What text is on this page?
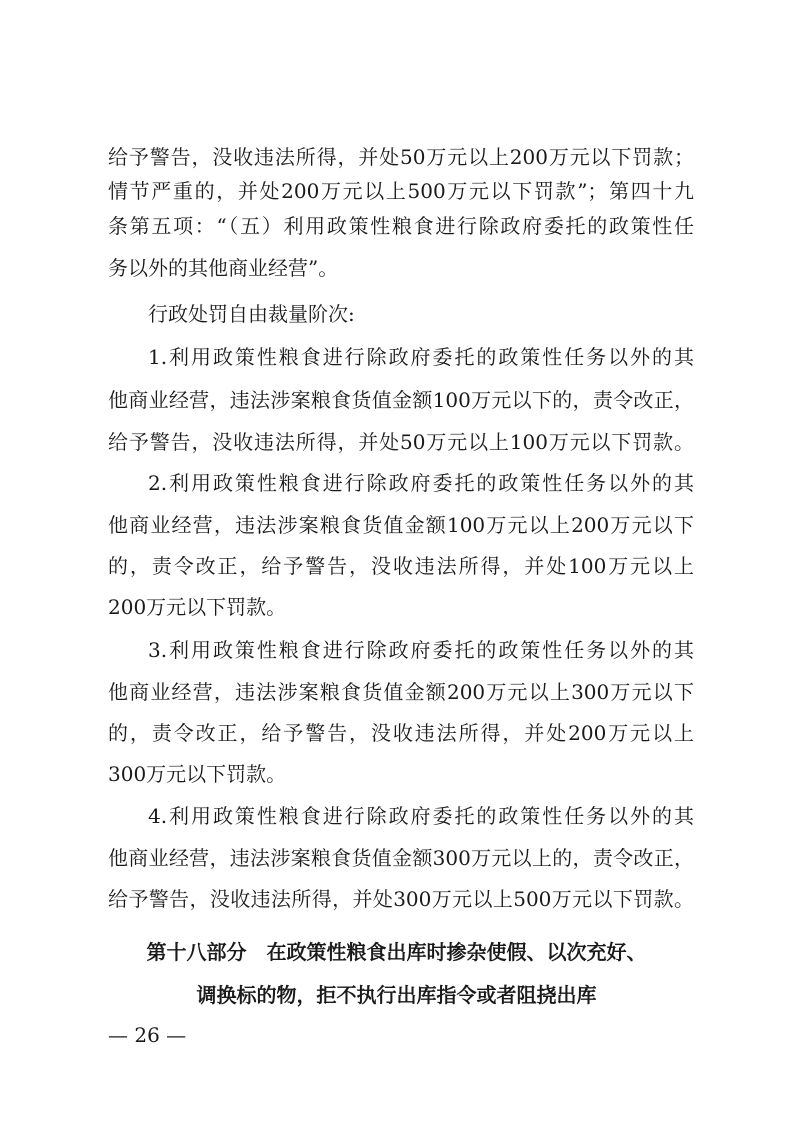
给予警告，没收违法所得，并处50万元以上200万元以下罚款；
情节严重的，并处200万元以上500万元以下罚款”；第四十九
条第五项：“（五）利用政策性粮食进行除政府委托的政策性任
务以外的其他商业经营”。
行政处罚自由裁量阶次:
1.利用政策性粮食进行除政府委托的政策性任务以外的其
他商业经营，违法涉案粮食货值金额100万元以下的，责令改正，
给予警告，没收违法所得，并处50万元以上100万元以下罚款。
2.利用政策性粮食进行除政府委托的政策性任务以外的其
他商业经营，违法涉案粮食货值金额100万元以上200万元以下
的，责令改正，给予警告，没收违法所得，并处100万元以上
200万元以下罚款。
3.利用政策性粮食进行除政府委托的政策性任务以外的其
他商业经营，违法涉案粮食货值金额200万元以上300万元以下
的，责令改正，给予警告，没收违法所得，并处200万元以上
300万元以下罚款。
4.利用政策性粮食进行除政府委托的政策性任务以外的其
他商业经营，违法涉案粮食货值金额300万元以上的，责令改正，
给予警告，没收违法所得，并处300万元以上500万元以下罚款。
第十八部分　在政策性粮食出库时掺杂使假、以次充好、
调换标的物，拒不执行出库指令或者阻挠出库
— 26 —
